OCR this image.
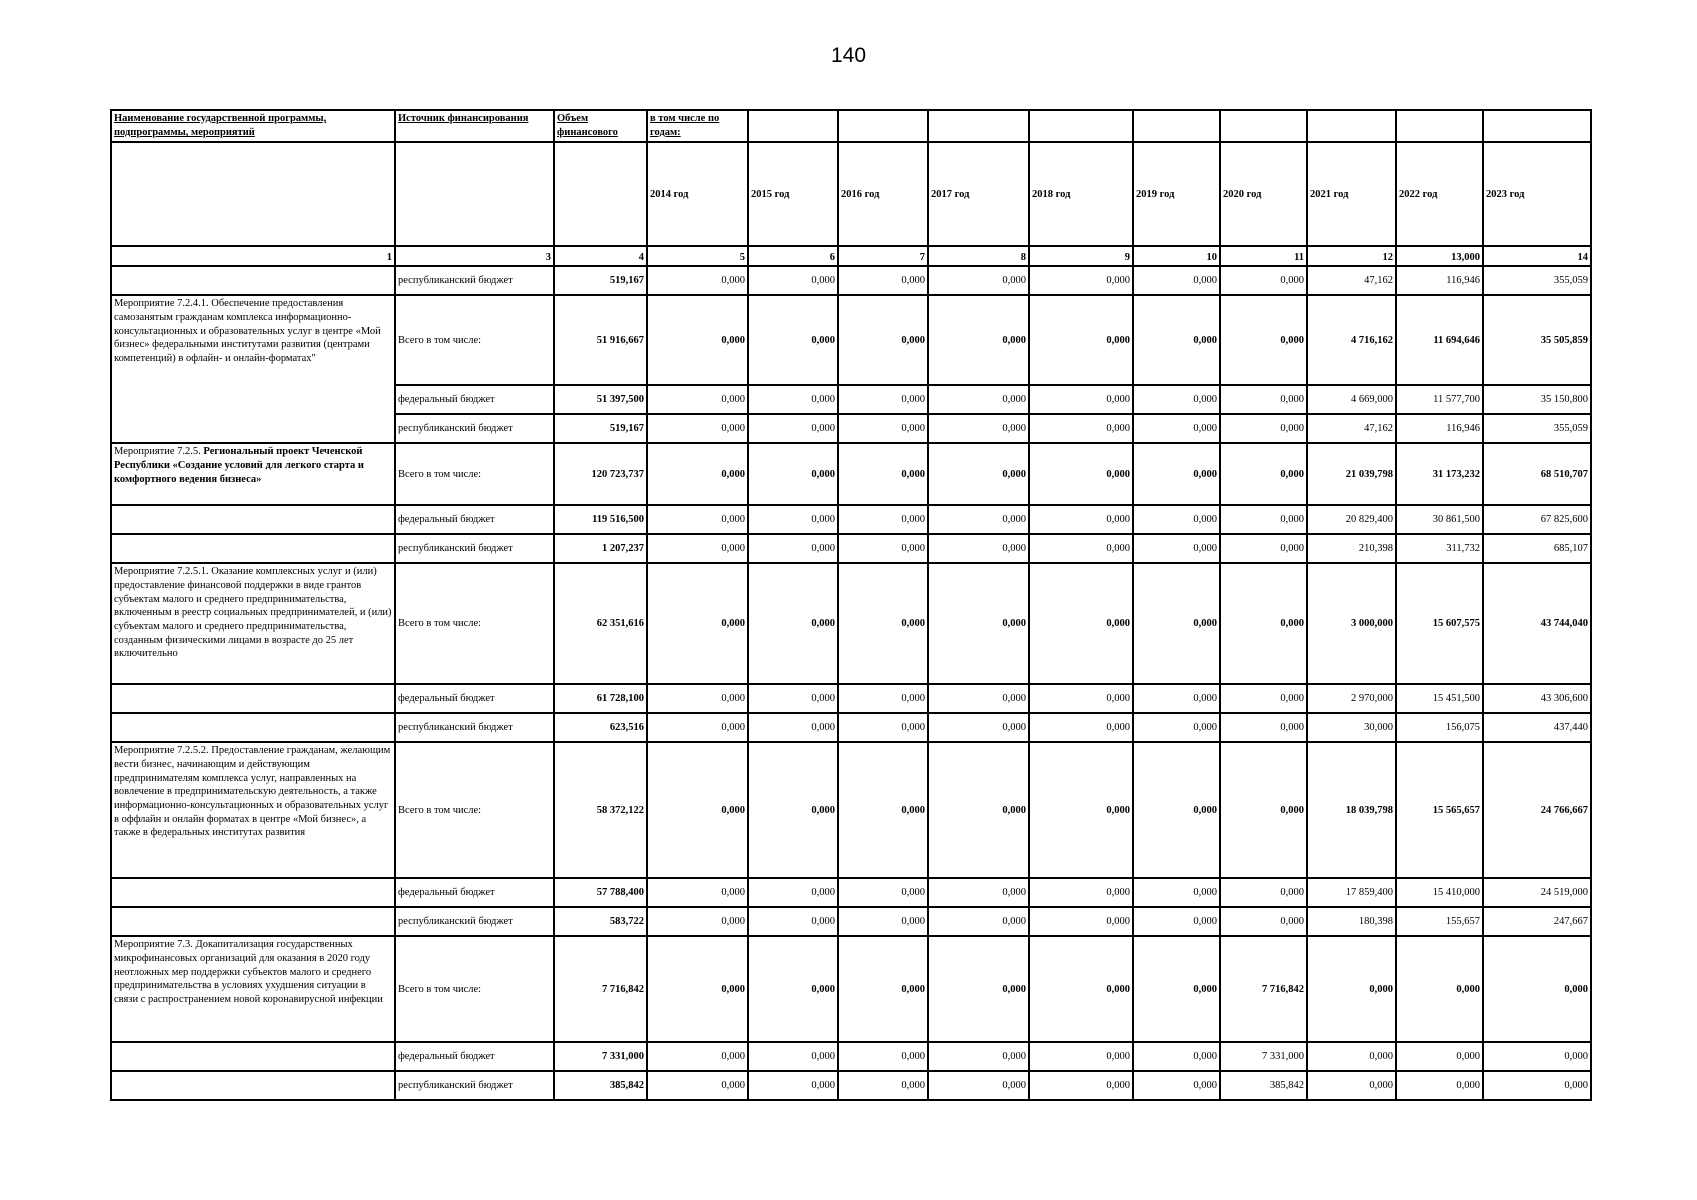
140
Наименование государственной программы, подпрограммы, мероприятий	Источник финансирования	Объем финансового	в том числе по годам:									
			2014 год	2015 год	2016 год	2017 год	2018 год	2019 год	2020 год	2021 год	2022 год	2023 год
1	3	4	5	6	7	8	9	10	11	12	13,000	14
	республиканский бюджет	519,167	0,000	0,000	0,000	0,000	0,000	0,000	0,000	47,162	116,946	355,059
Мероприятие 7.2.4.1. Обеспечение предоставления самозанятым гражданам комплекса информационно-консультационных и образовательных услуг в центре «Мой бизнес» федеральными институтами развития (центрами компетенций) в офлайн- и онлайн-форматах"	Всего в том числе:	51 916,667	0,000	0,000	0,000	0,000	0,000	0,000	0,000	4 716,162	11 694,646	35 505,859
	федеральный бюджет	51 397,500	0,000	0,000	0,000	0,000	0,000	0,000	0,000	4 669,000	11 577,700	35 150,800
	республиканский бюджет	519,167	0,000	0,000	0,000	0,000	0,000	0,000	0,000	47,162	116,946	355,059
Мероприятие 7.2.5. Региональный проект Чеченской Республики «Создание условий для легкого старта и комфортного ведения бизнеса»	Всего в том числе:	120 723,737	0,000	0,000	0,000	0,000	0,000	0,000	0,000	21 039,798	31 173,232	68 510,707
	федеральный бюджет	119 516,500	0,000	0,000	0,000	0,000	0,000	0,000	0,000	20 829,400	30 861,500	67 825,600
	республиканский бюджет	1 207,237	0,000	0,000	0,000	0,000	0,000	0,000	0,000	210,398	311,732	685,107
Мероприятие 7.2.5.1. Оказание комплексных услуг и (или) предоставление финансовой поддержки в виде грантов субъектам малого и среднего предпринимательства, включенным в реестр социальных предпринимателей, и (или) субъектам малого и среднего предпринимательства, созданным физическими лицами в возрасте до 25 лет включительно	Всего в том числе:	62 351,616	0,000	0,000	0,000	0,000	0,000	0,000	0,000	3 000,000	15 607,575	43 744,040
	федеральный бюджет	61 728,100	0,000	0,000	0,000	0,000	0,000	0,000	0,000	2 970,000	15 451,500	43 306,600
	республиканский бюджет	623,516	0,000	0,000	0,000	0,000	0,000	0,000	0,000	30,000	156,075	437,440
Мероприятие 7.2.5.2. Предоставление гражданам, желающим вести бизнес, начинающим и действующим предпринимателям комплекса услуг, направленных на вовлечение в предпринимательскую деятельность, а также информационно-консультационных и образовательных услуг в оффлайн и онлайн форматах в центре «Мой бизнес», а также в федеральных институтах развития	Всего в том числе:	58 372,122	0,000	0,000	0,000	0,000	0,000	0,000	0,000	18 039,798	15 565,657	24 766,667
	федеральный бюджет	57 788,400	0,000	0,000	0,000	0,000	0,000	0,000	0,000	17 859,400	15 410,000	24 519,000
	республиканский бюджет	583,722	0,000	0,000	0,000	0,000	0,000	0,000	0,000	180,398	155,657	247,667
Мероприятие 7.3. Докапитализация государственных микрофинансовых организаций для оказания в 2020 году неотложных мер поддержки субъектов малого и среднего предпринимательства в условиях ухудшения ситуации в связи с распространением новой коронавирусной инфекции	Всего в том числе:	7 716,842	0,000	0,000	0,000	0,000	0,000	0,000	7 716,842	0,000	0,000	0,000
	федеральный бюджет	7 331,000	0,000	0,000	0,000	0,000	0,000	0,000	7 331,000	0,000	0,000	0,000
	республиканский бюджет	385,842	0,000	0,000	0,000	0,000	0,000	0,000	385,842	0,000	0,000	0,000
